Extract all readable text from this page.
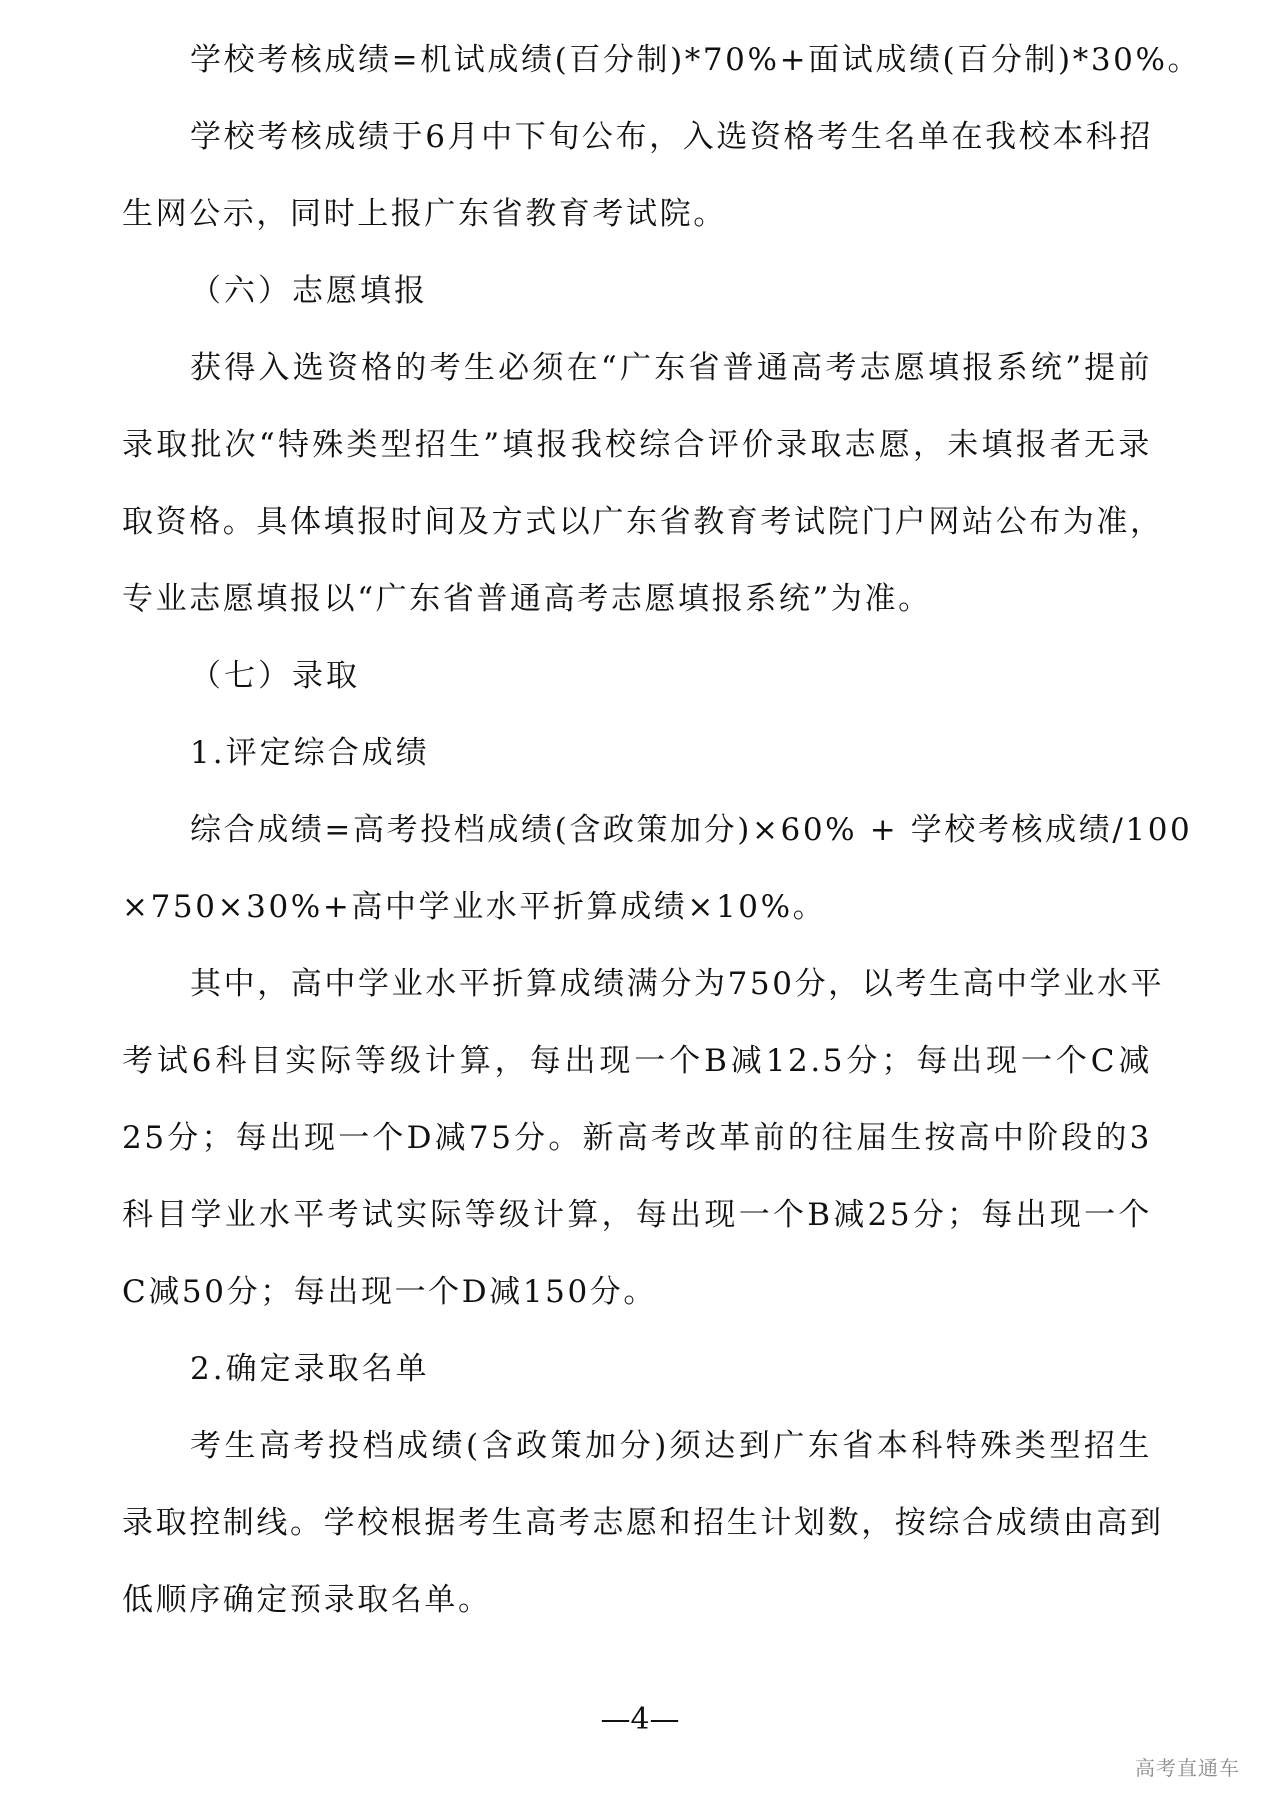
学校考核成绩=机试成绩(百分制)*70%+面试成绩(百分制)*30%。
学校考核成绩于6月中下旬公布，入选资格考生名单在我校本科招
生网公示，同时上报广东省教育考试院。
（六）志愿填报
获得入选资格的考生必须在“广东省普通高考志愿填报系统”提前
录取批次“特殊类型招生”填报我校综合评价录取志愿，未填报者无录
取资格。具体填报时间及方式以广东省教育考试院门户网站公布为准，
专业志愿填报以“广东省普通高考志愿填报系统”为准。
（七）录取
1.评定综合成绩
综合成绩=高考投档成绩(含政策加分)×60% + 学校考核成绩/100
×750×30%+高中学业水平折算成绩×10%。
其中，高中学业水平折算成绩满分为750分，以考生高中学业水平
考试6科目实际等级计算，每出现一个B减12.5分；每出现一个C减
25分；每出现一个D减75分。新高考改革前的往届生按高中阶段的3
科目学业水平考试实际等级计算，每出现一个B减25分；每出现一个
C减50分；每出现一个D减150分。
2.确定录取名单
考生高考投档成绩(含政策加分)须达到广东省本科特殊类型招生
录取控制线。学校根据考生高考志愿和招生计划数，按综合成绩由高到
低顺序确定预录取名单。
—4—
高考直通车
